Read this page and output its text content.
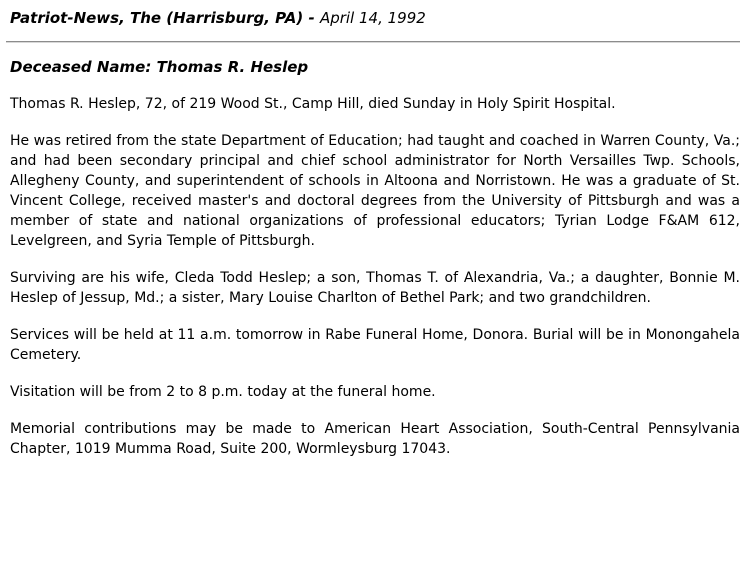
Patriot-News, The (Harrisburg, PA) - April 14, 1992
Deceased Name: Thomas R. Heslep

Thomas R. Heslep, 72, of 219 Wood St., Camp Hill, died Sunday in Holy Spirit Hospital.

He was retired from the state Department of Education; had taught and coached in Warren County, Va.; and had been secondary principal and chief school administrator for North Versailles Twp. Schools, Allegheny County, and superintendent of schools in Altoona and Norristown. He was a graduate of St. Vincent College, received master's and doctoral degrees from the University of Pittsburgh and was a member of state and national organizations of professional educators; Tyrian Lodge F&AM 612, Levelgreen, and Syria Temple of Pittsburgh.

Surviving are his wife, Cleda Todd Heslep; a son, Thomas T. of Alexandria, Va.; a daughter, Bonnie M. Heslep of Jessup, Md.; a sister, Mary Louise Charlton of Bethel Park; and two grandchildren.

Services will be held at 11 a.m. tomorrow in Rabe Funeral Home, Donora. Burial will be in Monongahela Cemetery.

Visitation will be from 2 to 8 p.m. today at the funeral home.

Memorial contributions may be made to American Heart Association, South-Central Pennsylvania Chapter, 1019 Mumma Road, Suite 200, Wormleysburg 17043.
